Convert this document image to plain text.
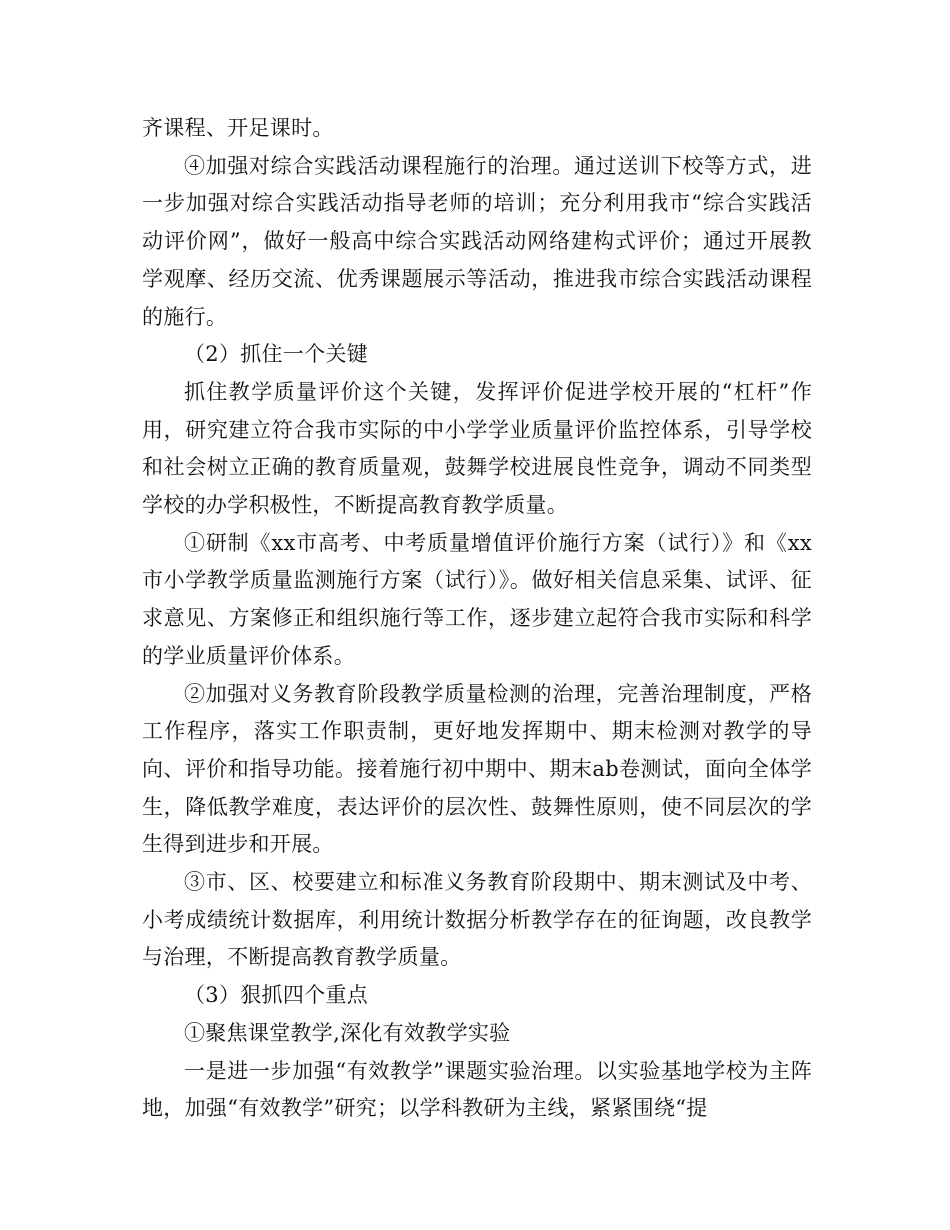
齐课程、开足课时。

④加强对综合实践活动课程施行的治理。通过送训下校等方式，进一步加强对综合实践活动指导老师的培训；充分利用我市“综合实践活动评价网”，做好一般高中综合实践活动网络建构式评价；通过开展教学观摩、经历交流、优秀课题展示等活动，推进我市综合实践活动课程的施行。

（2）抓住一个关键

抓住教学质量评价这个关键，发挥评价促进学校开展的“杠杆”作用，研究建立符合我市实际的中小学学业质量评价监控体系，引导学校和社会树立正确的教育质量观，鼓舞学校进展良性竞争，调动不同类型学校的办学积极性，不断提高教育教学质量。

①研制《xx市高考、中考质量增值评价施行方案（试行）》和《xx市小学教学质量监测施行方案（试行）》。做好相关信息采集、试评、征求意见、方案修正和组织施行等工作，逐步建立起符合我市实际和科学的学业质量评价体系。

②加强对义务教育阶段教学质量检测的治理，完善治理制度，严格工作程序，落实工作职责制，更好地发挥期中、期末检测对教学的导向、评价和指导功能。接着施行初中期中、期末ab卷测试，面向全体学生，降低教学难度，表达评价的层次性、鼓舞性原则，使不同层次的学生得到进步和开展。

③市、区、校要建立和标准义务教育阶段期中、期末测试及中考、小考成绩统计数据库，利用统计数据分析教学存在的征询题，改良教学与治理，不断提高教育教学质量。

（3）狠抓四个重点

①聚焦课堂教学,深化有效教学实验

一是进一步加强“有效教学”课题实验治理。以实验基地学校为主阵地，加强“有效教学”研究；以学科教研为主线，紧紧围绕“提
